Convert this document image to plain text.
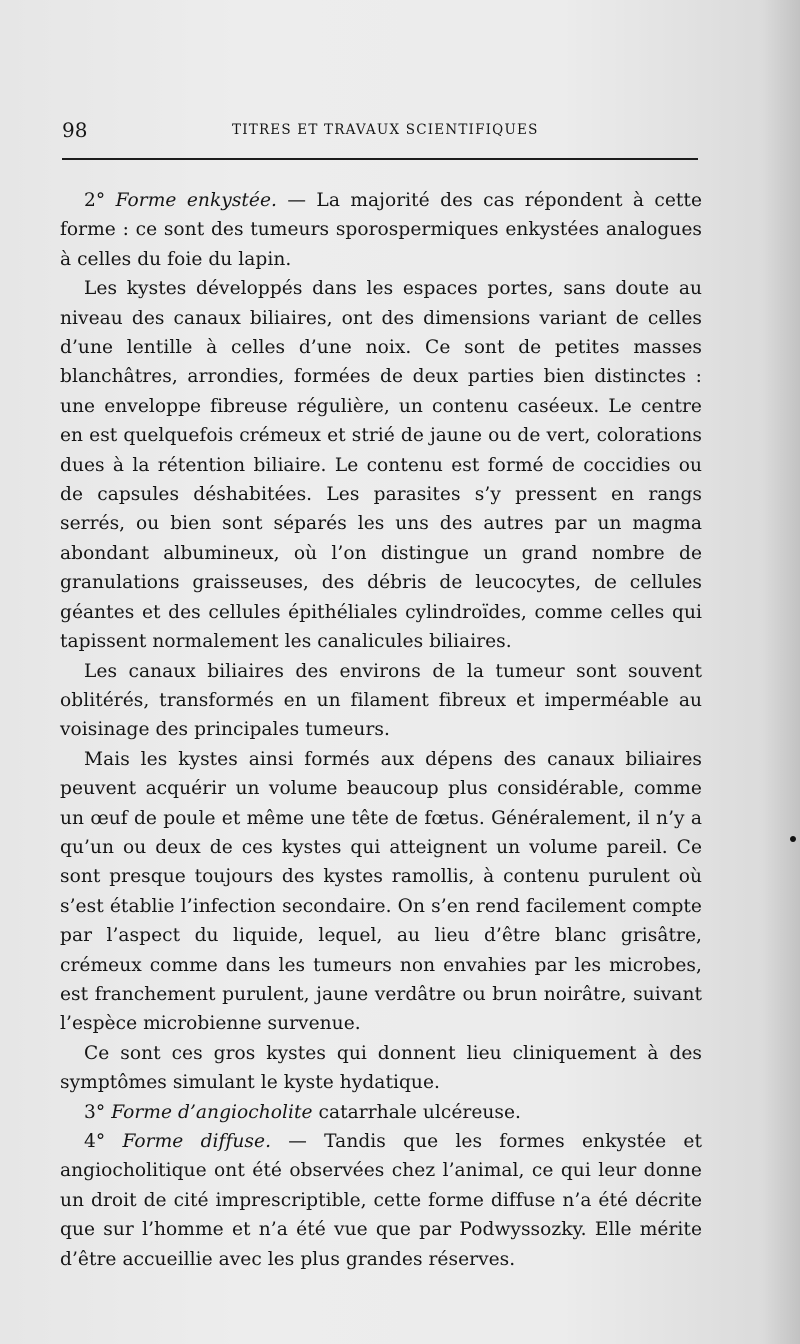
98	TITRES ET TRAVAUX SCIENTIFIQUES

2° Forme enkystée. — La majorité des cas répondent à cette forme : ce sont des tumeurs sporospermiques enkystées analogues à celles du foie du lapin.

Les kystes développés dans les espaces portes, sans doute au niveau des canaux biliaires, ont des dimensions variant de celles d’une lentille à celles d’une noix. Ce sont de petites masses blanchâtres, arrondies, formées de deux parties bien distinctes : une enveloppe fibreuse régulière, un contenu caséeux. Le centre en est quelquefois crémeux et strié de jaune ou de vert, colorations dues à la rétention biliaire. Le contenu est formé de coccidies ou de capsules déshabitées. Les parasites s’y pressent en rangs serrés, ou bien sont séparés les uns des autres par un magma abondant albumineux, où l’on distingue un grand nombre de granulations graisseuses, des débris de leucocytes, de cellules géantes et des cellules épithéliales cylindroïdes, comme celles qui tapissent normalement les canalicules biliaires.

Les canaux biliaires des environs de la tumeur sont souvent oblitérés, transformés en un filament fibreux et imperméable au voisinage des principales tumeurs.

Mais les kystes ainsi formés aux dépens des canaux biliaires peuvent acquérir un volume beaucoup plus considérable, comme un œuf de poule et même une tête de fœtus. Généralement, il n’y a qu’un ou deux de ces kystes qui atteignent un volume pareil. Ce sont presque toujours des kystes ramollis, à contenu purulent où s’est établie l’infection secondaire. On s’en rend facilement compte par l’aspect du liquide, lequel, au lieu d’être blanc grisâtre, crémeux comme dans les tumeurs non envahies par les microbes, est franchement purulent, jaune verdâtre ou brun noirâtre, suivant l’espèce microbienne survenue.

Ce sont ces gros kystes qui donnent lieu cliniquement à des symptômes simulant le kyste hydatique.

3° Forme d’angiocholite catarrhale ulcéreuse.

4° Forme diffuse. — Tandis que les formes enkystée et angiocholitique ont été observées chez l’animal, ce qui leur donne un droit de cité imprescriptible, cette forme diffuse n’a été décrite que sur l’homme et n’a été vue que par Podwyssozky. Elle mérite d’être accueillie avec les plus grandes réserves.
